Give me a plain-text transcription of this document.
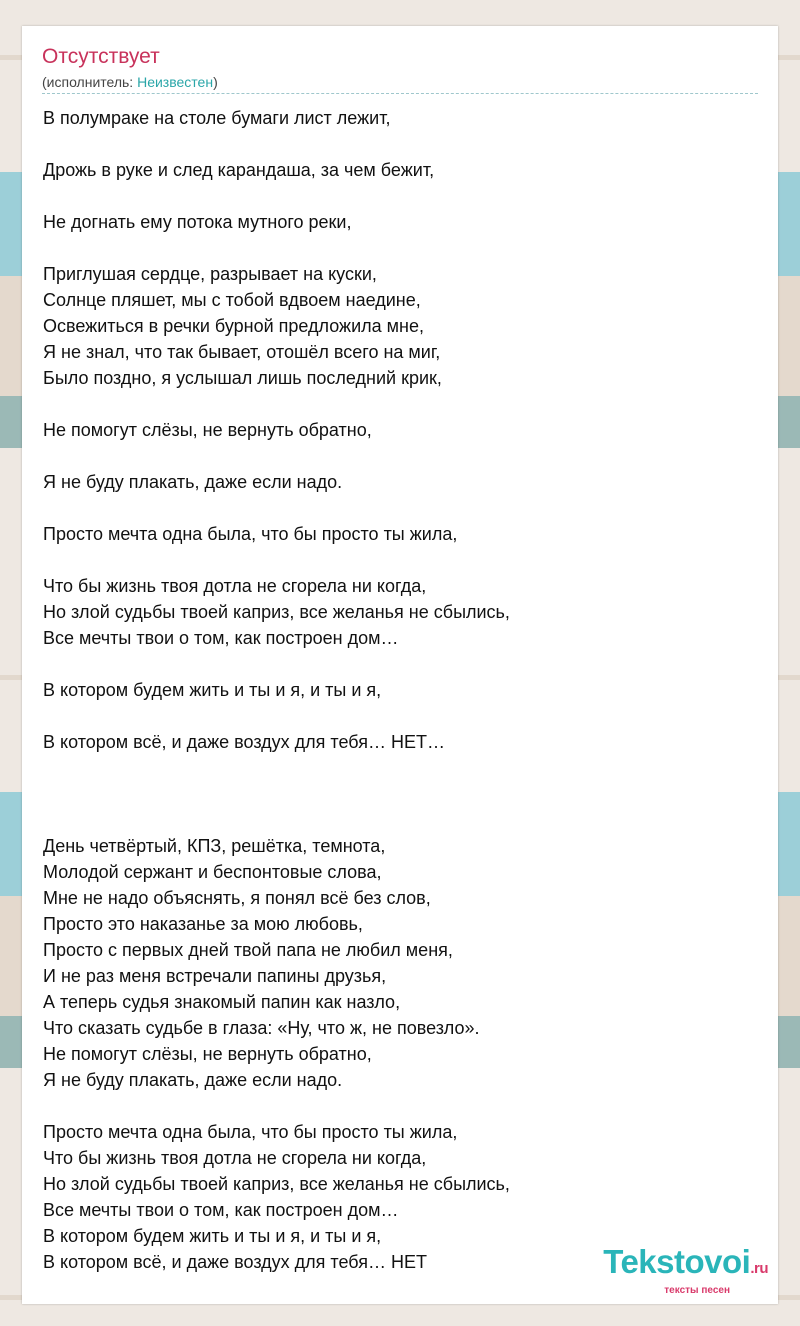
Отсутствует
(исполнитель: Неизвестен)
В полумраке на столе бумаги лист лежит,
Дрожь в руке и след карандаша, за чем бежит,
Не догнать ему потока мутного реки,
Приглушая сердце, разрывает на куски,
Солнце пляшет, мы с тобой вдвоем наедине,
Освежиться в речки бурной предложила мне,
Я не знал, что так бывает, отошёл всего на миг,
Было поздно, я услышал лишь последний крик,
Не помогут слёзы, не вернуть обратно,
Я не буду плакать, даже если надо.
Просто мечта одна была, что бы просто ты жила,
Что бы жизнь твоя дотла не сгорела ни когда,
Но злой судьбы твоей каприз, все желанья не сбылись,
Все мечты твои о том, как построен дом…
В котором будем жить и ты и я, и ты и я,
В котором всё, и даже воздух для тебя… НЕТ…
День четвёртый, КПЗ, решётка, темнота,
Молодой сержант и беспонтовые слова,
Мне не надо объяснять, я понял всё без слов,
Просто это наказанье за мою любовь,
Просто с первых дней твой папа не любил меня,
И не раз меня встречали папины друзья,
А теперь судья знакомый папин как назло,
Что сказать судьбе в глаза: «Ну, что ж, не повезло».
Не помогут слёзы, не вернуть обратно,
Я не буду плакать, даже если надо.
Просто мечта одна была, что бы просто ты жила,
Что бы жизнь твоя дотла не сгорела ни когда,
Но злой судьбы твоей каприз, все желанья не сбылись,
Все мечты твои о том, как построен дом…
В котором будем жить и ты и я, и ты и я,
В котором всё, и даже воздух для тебя… НЕТ	Tekstovoi.ru
тексты песен
